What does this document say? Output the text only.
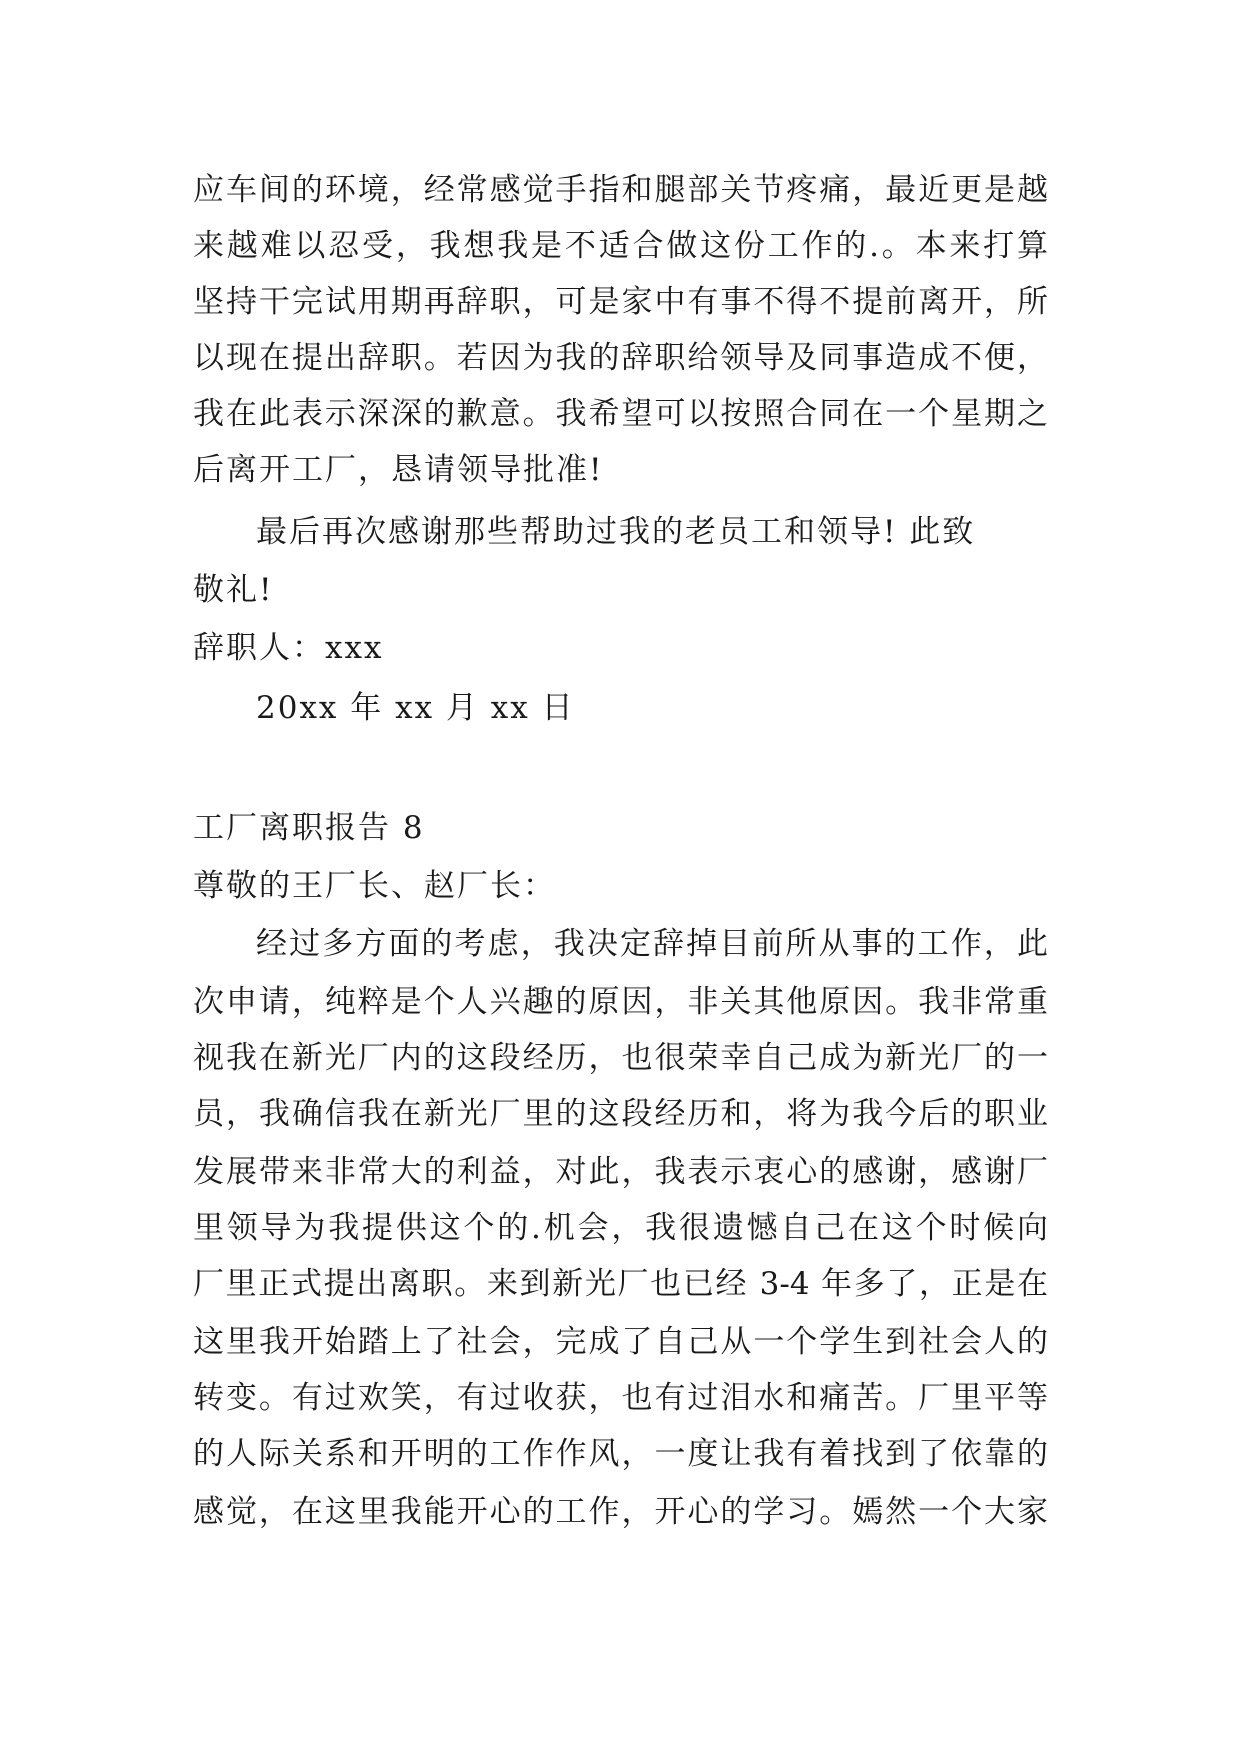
应车间的环境，经常感觉手指和腿部关节疼痛，最近更是越
来越难以忍受，我想我是不适合做这份工作的.。本来打算
坚持干完试用期再辞职，可是家中有事不得不提前离开，所
以现在提出辞职。若因为我的辞职给领导及同事造成不便，
我在此表示深深的歉意。我希望可以按照合同在一个星期之
后离开工厂，恳请领导批准!
最后再次感谢那些帮助过我的老员工和领导! 此致
敬礼!
辞职人：xxx
20xx 年 xx 月 xx 日
工厂离职报告 8
尊敬的王厂长、赵厂长：
经过多方面的考虑，我决定辞掉目前所从事的工作，此
次申请，纯粹是个人兴趣的原因，非关其他原因。我非常重
视我在新光厂内的这段经历，也很荣幸自己成为新光厂的一
员，我确信我在新光厂里的这段经历和，将为我今后的职业
发展带来非常大的利益，对此，我表示衷心的感谢，感谢厂
里领导为我提供这个的.机会，我很遗憾自己在这个时候向
厂里正式提出离职。来到新光厂也已经 3-4 年多了，正是在
这里我开始踏上了社会，完成了自己从一个学生到社会人的
转变。有过欢笑，有过收获，也有过泪水和痛苦。厂里平等
的人际关系和开明的工作作风，一度让我有着找到了依靠的
感觉，在这里我能开心的工作，开心的学习。嫣然一个大家
